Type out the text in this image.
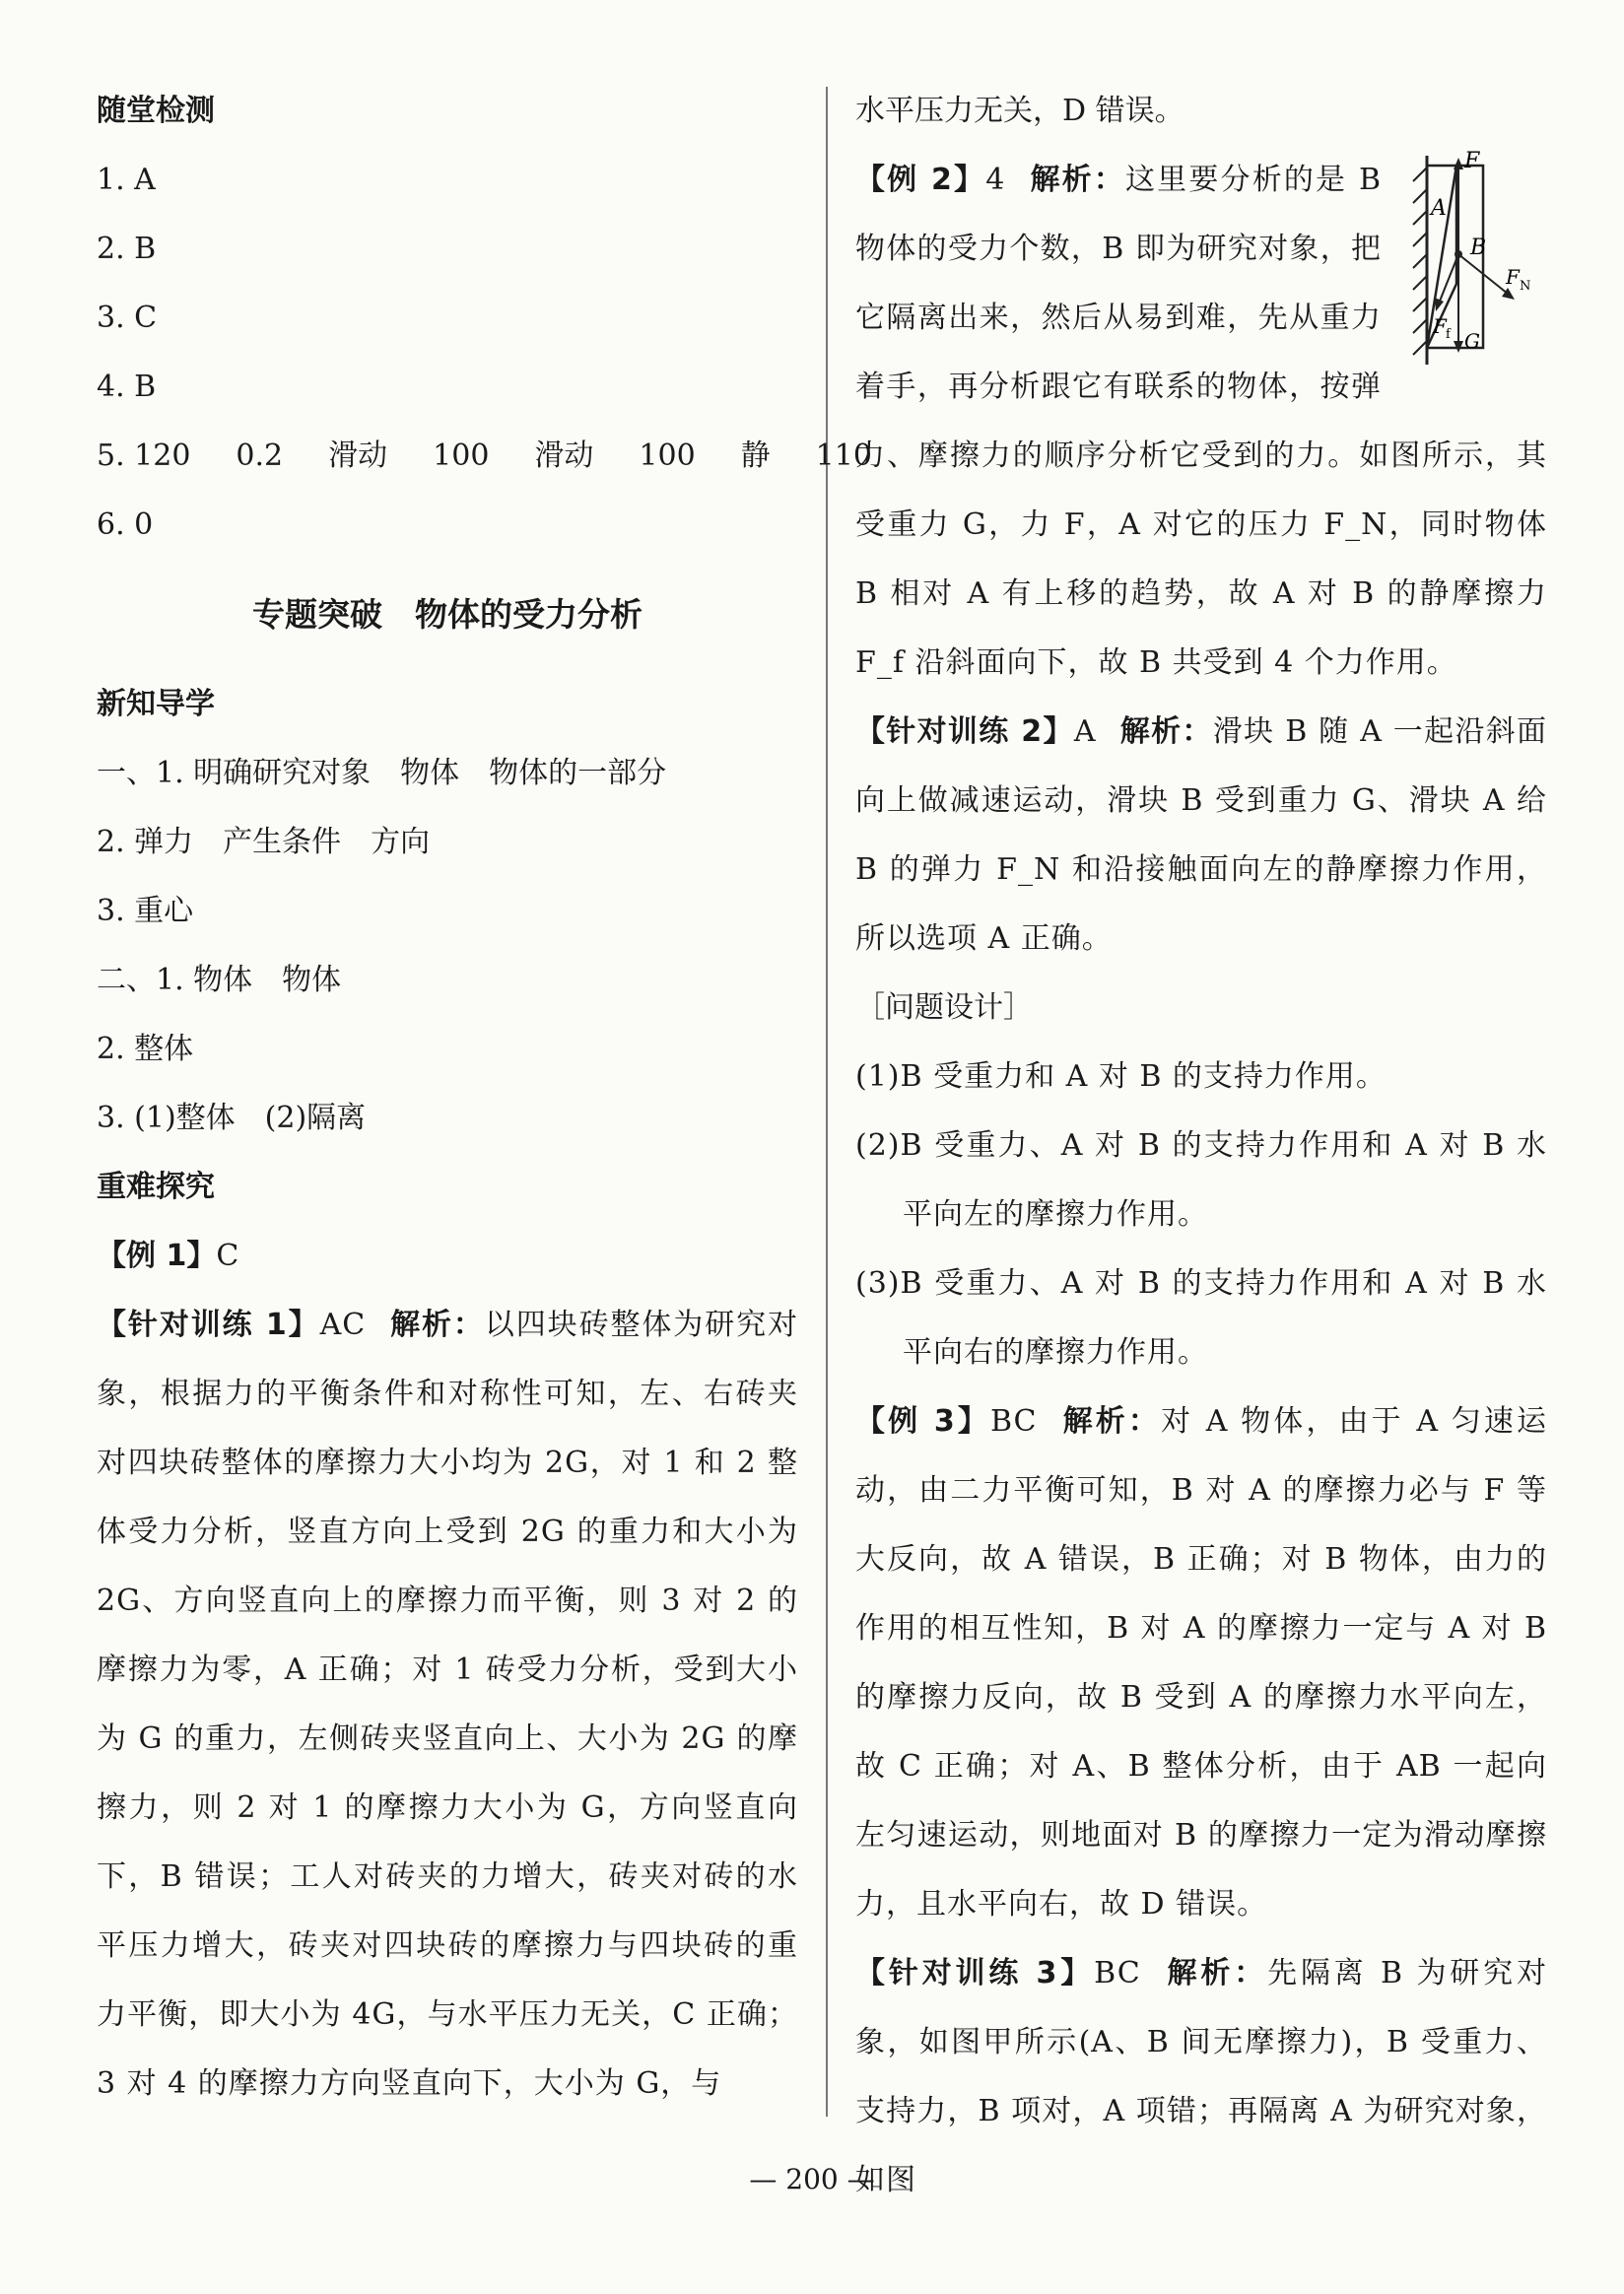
随堂检测
1. A
2. B
3. C
4. B
5. 120 0.2 滑动 100 滑动 100 静 110
6. 0
专题突破　物体的受力分析
新知导学
一、1. 明确研究对象　物体　物体的一部分
2. 弹力　产生条件　方向
3. 重心
二、1. 物体　物体
2. 整体
3. (1)整体　(2)隔离
重难探究
【例 1】C
【针对训练 1】AC 解析：以四块砖整体为研究对象，根据力的平衡条件和对称性可知，左、右砖夹对四块砖整体的摩擦力大小均为 2G，对 1 和 2 整体受力分析，竖直方向上受到 2G 的重力和大小为 2G、方向竖直向上的摩擦力而平衡，则 3 对 2 的摩擦力为零，A 正确；对 1 砖受力分析，受到大小为 G 的重力，左侧砖夹竖直向上、大小为 2G 的摩擦力，则 2 对 1 的摩擦力大小为 G，方向竖直向下，B 错误；工人对砖夹的力增大，砖夹对砖的水平压力增大，砖夹对四块砖的摩擦力与四块砖的重力平衡，即大小为 4G，与水平压力无关，C 正确；3 对 4 的摩擦力方向竖直向下，大小为 G，与
水平压力无关，D 错误。
F
A
B
F N
F
f G
【例 2】4 解析：这里要分析的是 B 物体的受力个数，B 即为研究对象，把它隔离出来，然后从易到难，先从重力着手，再分析跟它有联系的物体，按弹力、摩擦力的顺序分析它受到的力。如图所示，其受重力 G，力 F，A 对它的压力 F_N，同时物体 B 相对 A 有上移的趋势，故 A 对 B 的静摩擦力 F_f 沿斜面向下，故 B 共受到 4 个力作用。
【针对训练 2】A 解析：滑块 B 随 A 一起沿斜面向上做减速运动，滑块 B 受到重力 G、滑块 A 给 B 的弹力 F_N 和沿接触面向左的静摩擦力作用，所以选项 A 正确。
［问题设计］
(1)B 受重力和 A 对 B 的支持力作用。
(2)B 受重力、A 对 B 的支持力作用和 A 对 B 水平向左的摩擦力作用。
(3)B 受重力、A 对 B 的支持力作用和 A 对 B 水平向右的摩擦力作用。
【例 3】BC 解析：对 A 物体，由于 A 匀速运动，由二力平衡可知，B 对 A 的摩擦力必与 F 等大反向，故 A 错误，B 正确；对 B 物体，由力的作用的相互性知，B 对 A 的摩擦力一定与 A 对 B 的摩擦力反向，故 B 受到 A 的摩擦力水平向左，故 C 正确；对 A、B 整体分析，由于 AB 一起向左匀速运动，则地面对 B 的摩擦力一定为滑动摩擦力，且水平向右，故 D 错误。
【针对训练 3】BC 解析：先隔离 B 为研究对象，如图甲所示(A、B 间无摩擦力)，B 受重力、支持力，B 项对，A 项错；再隔离 A 为研究对象，如图
— 200 —
